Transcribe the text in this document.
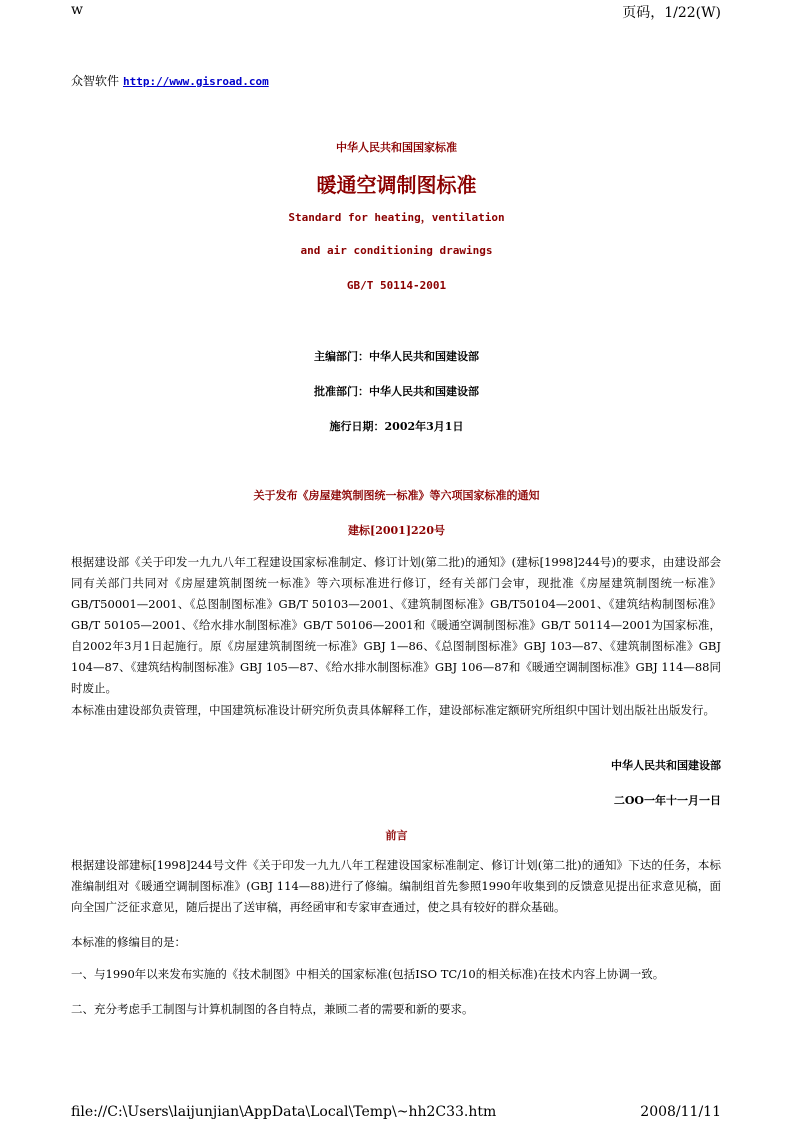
w	页码，1/22(W)
众智软件 http://www.gisroad.com
中华人民共和国国家标准
暖通空调制图标准
Standard for heating，ventilation
and air conditioning drawings
GB/T 50114-2001
主编部门：中华人民共和国建设部
批准部门：中华人民共和国建设部
施行日期：2002年3月1日
关于发布《房屋建筑制图统一标准》等六项国家标准的通知
建标[2001]220号
根据建设部《关于印发一九九八年工程建设国家标准制定、修订计划(第二批)的通知》(建标[1998]244号)的要求，由建设部会同有关部门共同对《房屋建筑制图统一标准》等六项标准进行修订，经有关部门会审，现批准《房屋建筑制图统一标准》GB/T50001—2001、《总图制图标准》GB/T 50103—2001、《建筑制图标准》GB/T50104—2001、《建筑结构制图标准》GB/T 50105—2001、《给水排水制图标准》GB/T 50106—2001和《暖通空调制图标准》GB/T 50114—2001为国家标准，自2002年3月1日起施行。原《房屋建筑制图统一标准》GBJ 1—86、《总图制图标准》GBJ 103—87、《建筑制图标准》GBJ 104—87、《建筑结构制图标准》GBJ 105—87、《给水排水制图标准》GBJ 106—87和《暖通空调制图标准》GBJ 114—88同时废止。
本标准由建设部负责管理，中国建筑标准设计研究所负责具体解释工作，建设部标准定额研究所组织中国计划出版社出版发行。
中华人民共和国建设部
二OO一年十一月一日
前言
根据建设部建标[1998]244号文件《关于印发一九九八年工程建设国家标准制定、修订计划(第二批)的通知》下达的任务，本标准编制组对《暖通空调制图标准》(GBJ 114—88)进行了修编。编制组首先参照1990年收集到的反馈意见提出征求意见稿，面向全国广泛征求意见，随后提出了送审稿，再经函审和专家审查通过，使之具有较好的群众基础。
本标准的修编目的是：
一、与1990年以来发布实施的《技术制图》中相关的国家标准(包括ISO TC/10的相关标准)在技术内容上协调一致。
二、充分考虑手工制图与计算机制图的各自特点，兼顾二者的需要和新的要求。
file://C:\Users\laijunjian\AppData\Local\Temp\~hh2C33.htm	2008/11/11
